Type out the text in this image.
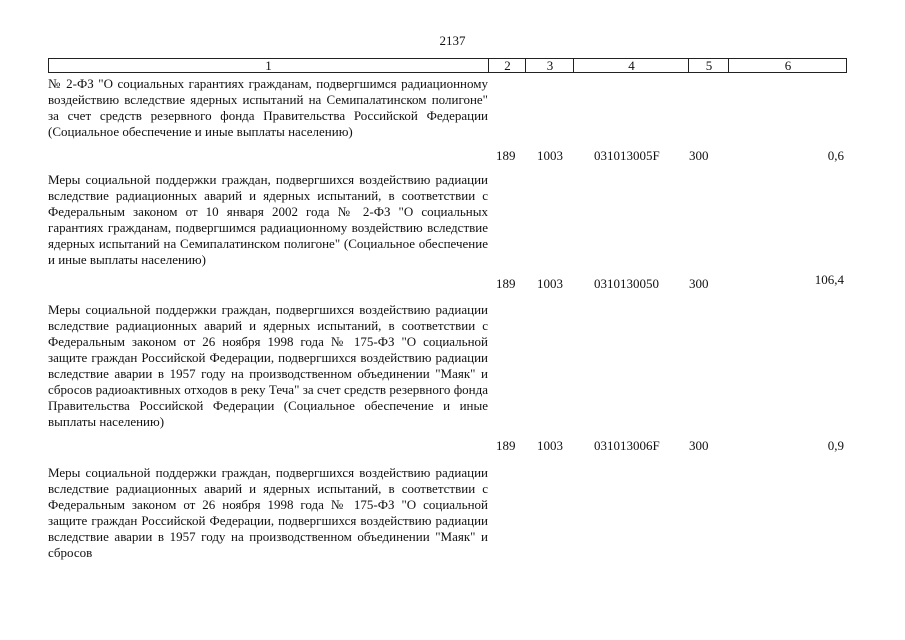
2137
1	2	3	4	5	6
№ 2-ФЗ "О социальных гарантиях гражданам, подвергшимся радиационному воздействию вследствие ядерных испытаний на Семипалатинском полигоне" за счет средств резервного фонда Правительства Российской Федерации (Социальное обеспечение и иные выплаты населению)
189	1003	031013005F	300	0,6
Меры социальной поддержки граждан, подвергшихся воздействию радиации вследствие радиационных аварий и ядерных испытаний, в соответствии с Федеральным законом от 10 января 2002 года № 2-ФЗ "О социальных гарантиях гражданам, подвергшимся радиационному воздействию вследствие ядерных испытаний на Семипалатинском полигоне" (Социальное обеспечение и иные выплаты населению)
189	1003	0310130050	300	106,4
Меры социальной поддержки граждан, подвергшихся воздействию радиации вследствие радиационных аварий и ядерных испытаний, в соответствии с Федеральным законом от 26 ноября 1998 года № 175-ФЗ "О социальной защите граждан Российской Федерации, подвергшихся воздействию радиации вследствие аварии в 1957 году на производственном объединении "Маяк" и сбросов радиоактивных отходов в реку Теча" за счет средств резервного фонда Правительства Российской Федерации (Социальное обеспечение и иные выплаты населению)
189	1003	031013006F	300	0,9
Меры социальной поддержки граждан, подвергшихся воздействию радиации вследствие радиационных аварий и ядерных испытаний, в соответствии с Федеральным законом от 26 ноября 1998 года № 175-ФЗ "О социальной защите граждан Российской Федерации, подвергшихся воздействию радиации вследствие аварии в 1957 году на производственном объединении "Маяк" и сбросов
